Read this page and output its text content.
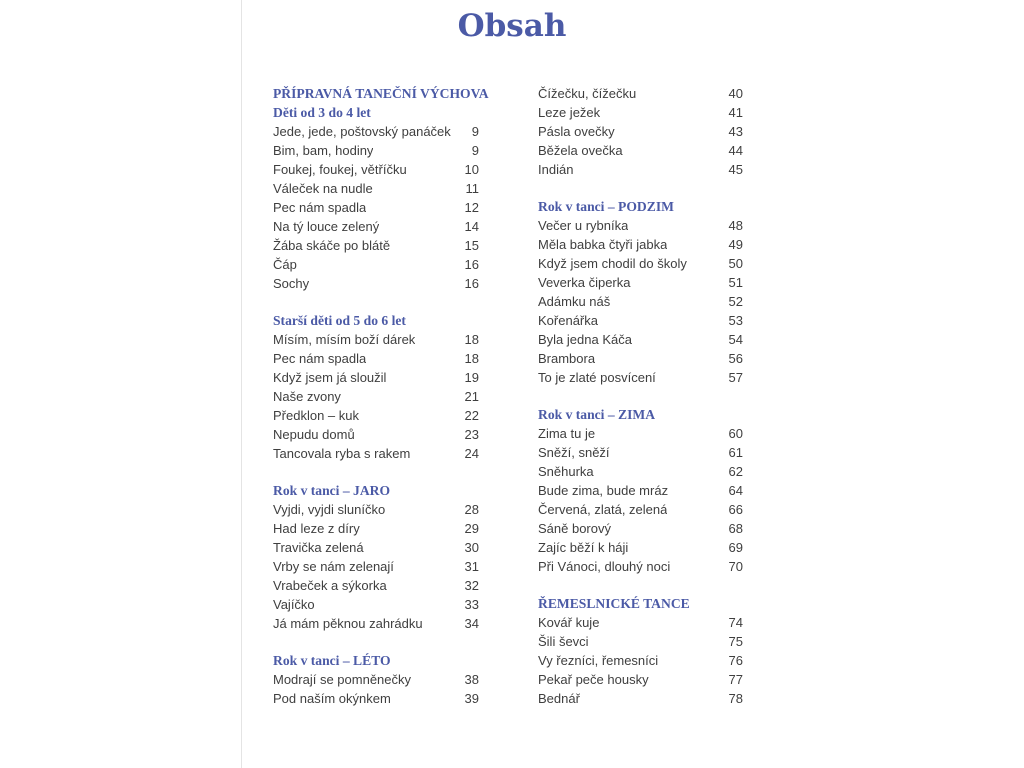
Obsah
PŘÍPRAVNÁ TANEČNÍ VÝCHOVA
Děti od 3 do 4 let
Jede, jede, poštovský panáček	9
Bim, bam, hodiny	9
Foukej, foukej, větříčku	10
Váleček na nudle	11
Pec nám spadla	12
Na tý louce zelený	14
Žába skáče po blátě	15
Čáp	16
Sochy	16
Starší děti od 5 do 6 let
Mísím, mísím boží dárek	18
Pec nám spadla	18
Když jsem já sloužil	19
Naše zvony	21
Předklon – kuk	22
Nepudu domů	23
Tancovala ryba s rakem	24
Rok v tanci – JARO
Vyjdi, vyjdi sluníčko	28
Had leze z díry	29
Travička zelená	30
Vrby se nám zelenají	31
Vrabeček a sýkorka	32
Vajíčko	33
Já mám pěknou zahrádku	34
Rok v tanci – LÉTO
Modrají se pomněnečky	38
Pod naším okýnkem	39
Čížečku, čížečku	40
Leze ježek	41
Pásla ovečky	43
Běžela ovečka	44
Indián	45
Rok v tanci – PODZIM
Večer u rybníka	48
Měla babka čtyři jabka	49
Když jsem chodil do školy	50
Veverka čiperka	51
Adámku náš	52
Kořenářka	53
Byla jedna Káča	54
Brambora	56
To je zlaté posvícení	57
Rok v tanci – ZIMA
Zima tu je	60
Sněží, sněží	61
Sněhurka	62
Bude zima, bude mráz	64
Červená, zlatá, zelená	66
Sáně borový	68
Zajíc běží k háji	69
Při Vánoci, dlouhý noci	70
ŘEMESLNICKÉ TANCE
Kovář kuje	74
Šili ševci	75
Vy řezníci, řemesníci	76
Pekař peče housky	77
Bednář	78
